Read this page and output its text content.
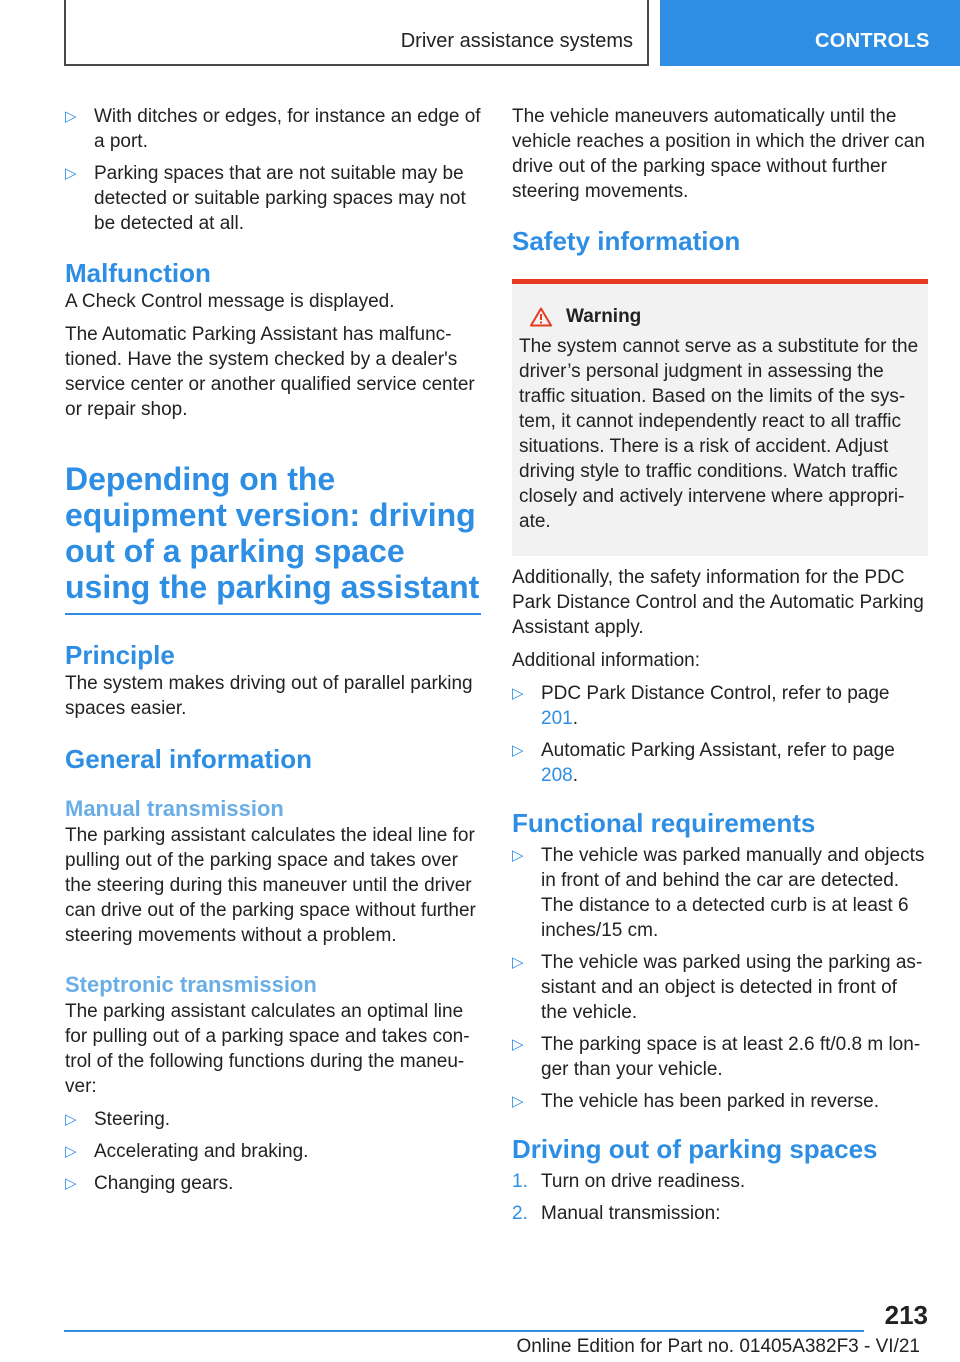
Driver assistance systems	CONTROLS
▷ With ditches or edges, for instance an edge of a port.
▷ Parking spaces that are not suitable may be detected or suitable parking spaces may not be detected at all.
Malfunction

A Check Control message is displayed.

The Automatic Parking Assistant has malfunctioned. Have the system checked by a dealer's service center or another qualified service center or repair shop.

Depending on the equipment version: driving out of a parking space using the parking assistant
Principle

The system makes driving out of parallel parking spaces easier.

General information
Manual transmission

The parking assistant calculates the ideal line for pulling out of the parking space and takes over the steering during this maneuver until the driver can drive out of the parking space without further steering movements without a problem.

Steptronic transmission

The parking assistant calculates an optimal line for pulling out of a parking space and takes control of the following functions during the maneuver:

▷ Steering.
▷ Accelerating and braking.
▷ Changing gears.

The vehicle maneuvers automatically until the vehicle reaches a position in which the driver can drive out of the parking space without further steering movements.

Safety information
Warning

The system cannot serve as a substitute for the driver’s personal judgment in assessing the traffic situation. Based on the limits of the system, it cannot independently react to all traffic situations. There is a risk of accident. Adjust driving style to traffic conditions. Watch traffic closely and actively intervene where appropriate.

Additionally, the safety information for the PDC Park Distance Control and the Automatic Parking Assistant apply.

Additional information:

▷ PDC Park Distance Control, refer to page 201.
▷ Automatic Parking Assistant, refer to page 208.
Functional requirements
▷ The vehicle was parked manually and objects in front of and behind the car are detected. The distance to a detected curb is at least 6 inches/15 cm.
▷ The vehicle was parked using the parking assistant and an object is detected in front of the vehicle.
▷ The parking space is at least 2.6 ft/0.8 m longer than your vehicle.
▷ The vehicle has been parked in reverse.
Driving out of parking spaces
1. Turn on drive readiness.
2. Manual transmission:
213
Online Edition for Part no. 01405A382F3 - VI/21
